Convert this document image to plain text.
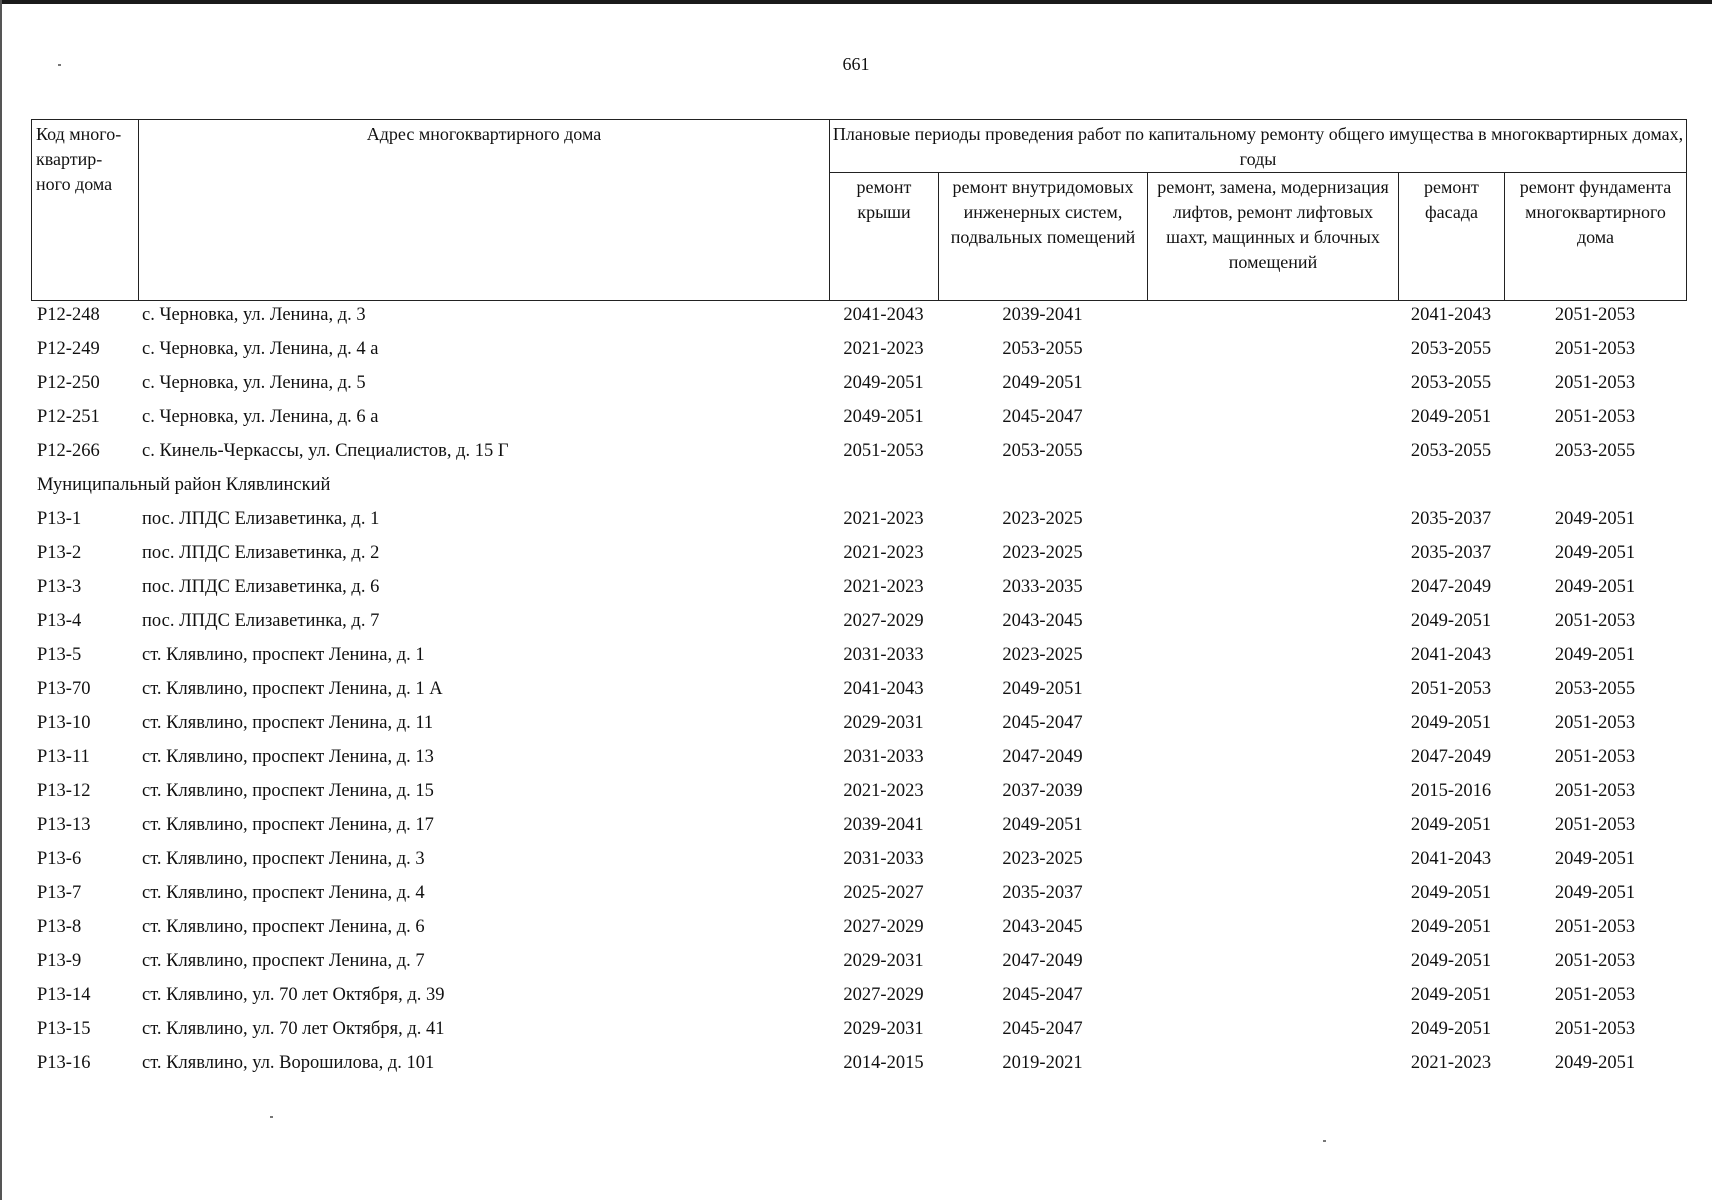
661
Код много-квартир-ного дома	Адрес многоквартирного дома	Плановые периоды проведения работ по капитальному ремонту общего имущества в многоквартирных домах, годы				
		ремонт крыши	ремонт внутридомовых инженерных систем, подвальных помещений	ремонт, замена, модернизация лифтов, ремонт лифтовых шахт, мащинных и блочных помещений	ремонт фасада	ремонт фундамента многоквартирного дома
Р12-248	с. Черновка, ул. Ленина, д. 3	2041-2043	2039-2041		2041-2043	2051-2053
Р12-249	с. Черновка, ул. Ленина, д. 4 а	2021-2023	2053-2055		2053-2055	2051-2053
Р12-250	с. Черновка, ул. Ленина, д. 5	2049-2051	2049-2051		2053-2055	2051-2053
Р12-251	с. Черновка, ул. Ленина, д. 6 а	2049-2051	2045-2047		2049-2051	2051-2053
Р12-266	с. Кинель-Черкассы, ул. Специалистов, д. 15 Г	2051-2053	2053-2055		2053-2055	2053-2055
Муниципальный район Клявлинский						
Р13-1	пос. ЛПДС Елизаветинка, д. 1	2021-2023	2023-2025		2035-2037	2049-2051
Р13-2	пос. ЛПДС Елизаветинка, д. 2	2021-2023	2023-2025		2035-2037	2049-2051
Р13-3	пос. ЛПДС Елизаветинка, д. 6	2021-2023	2033-2035		2047-2049	2049-2051
Р13-4	пос. ЛПДС Елизаветинка, д. 7	2027-2029	2043-2045		2049-2051	2051-2053
Р13-5	ст. Клявлино, проспект Ленина, д. 1	2031-2033	2023-2025		2041-2043	2049-2051
Р13-70	ст. Клявлино, проспект Ленина, д. 1 А	2041-2043	2049-2051		2051-2053	2053-2055
Р13-10	ст. Клявлино, проспект Ленина, д. 11	2029-2031	2045-2047		2049-2051	2051-2053
Р13-11	ст. Клявлино, проспект Ленина, д. 13	2031-2033	2047-2049		2047-2049	2051-2053
Р13-12	ст. Клявлино, проспект Ленина, д. 15	2021-2023	2037-2039		2015-2016	2051-2053
Р13-13	ст. Клявлино, проспект Ленина, д. 17	2039-2041	2049-2051		2049-2051	2051-2053
Р13-6	ст. Клявлино, проспект Ленина, д. 3	2031-2033	2023-2025		2041-2043	2049-2051
Р13-7	ст. Клявлино, проспект Ленина, д. 4	2025-2027	2035-2037		2049-2051	2049-2051
Р13-8	ст. Клявлино, проспект Ленина, д. 6	2027-2029	2043-2045		2049-2051	2051-2053
Р13-9	ст. Клявлино, проспект Ленина, д. 7	2029-2031	2047-2049		2049-2051	2051-2053
Р13-14	ст. Клявлино, ул. 70 лет Октября, д. 39	2027-2029	2045-2047		2049-2051	2051-2053
Р13-15	ст. Клявлино, ул. 70 лет Октября, д. 41	2029-2031	2045-2047		2049-2051	2051-2053
Р13-16	ст. Клявлино, ул. Ворошилова, д. 101	2014-2015	2019-2021		2021-2023	2049-2051
